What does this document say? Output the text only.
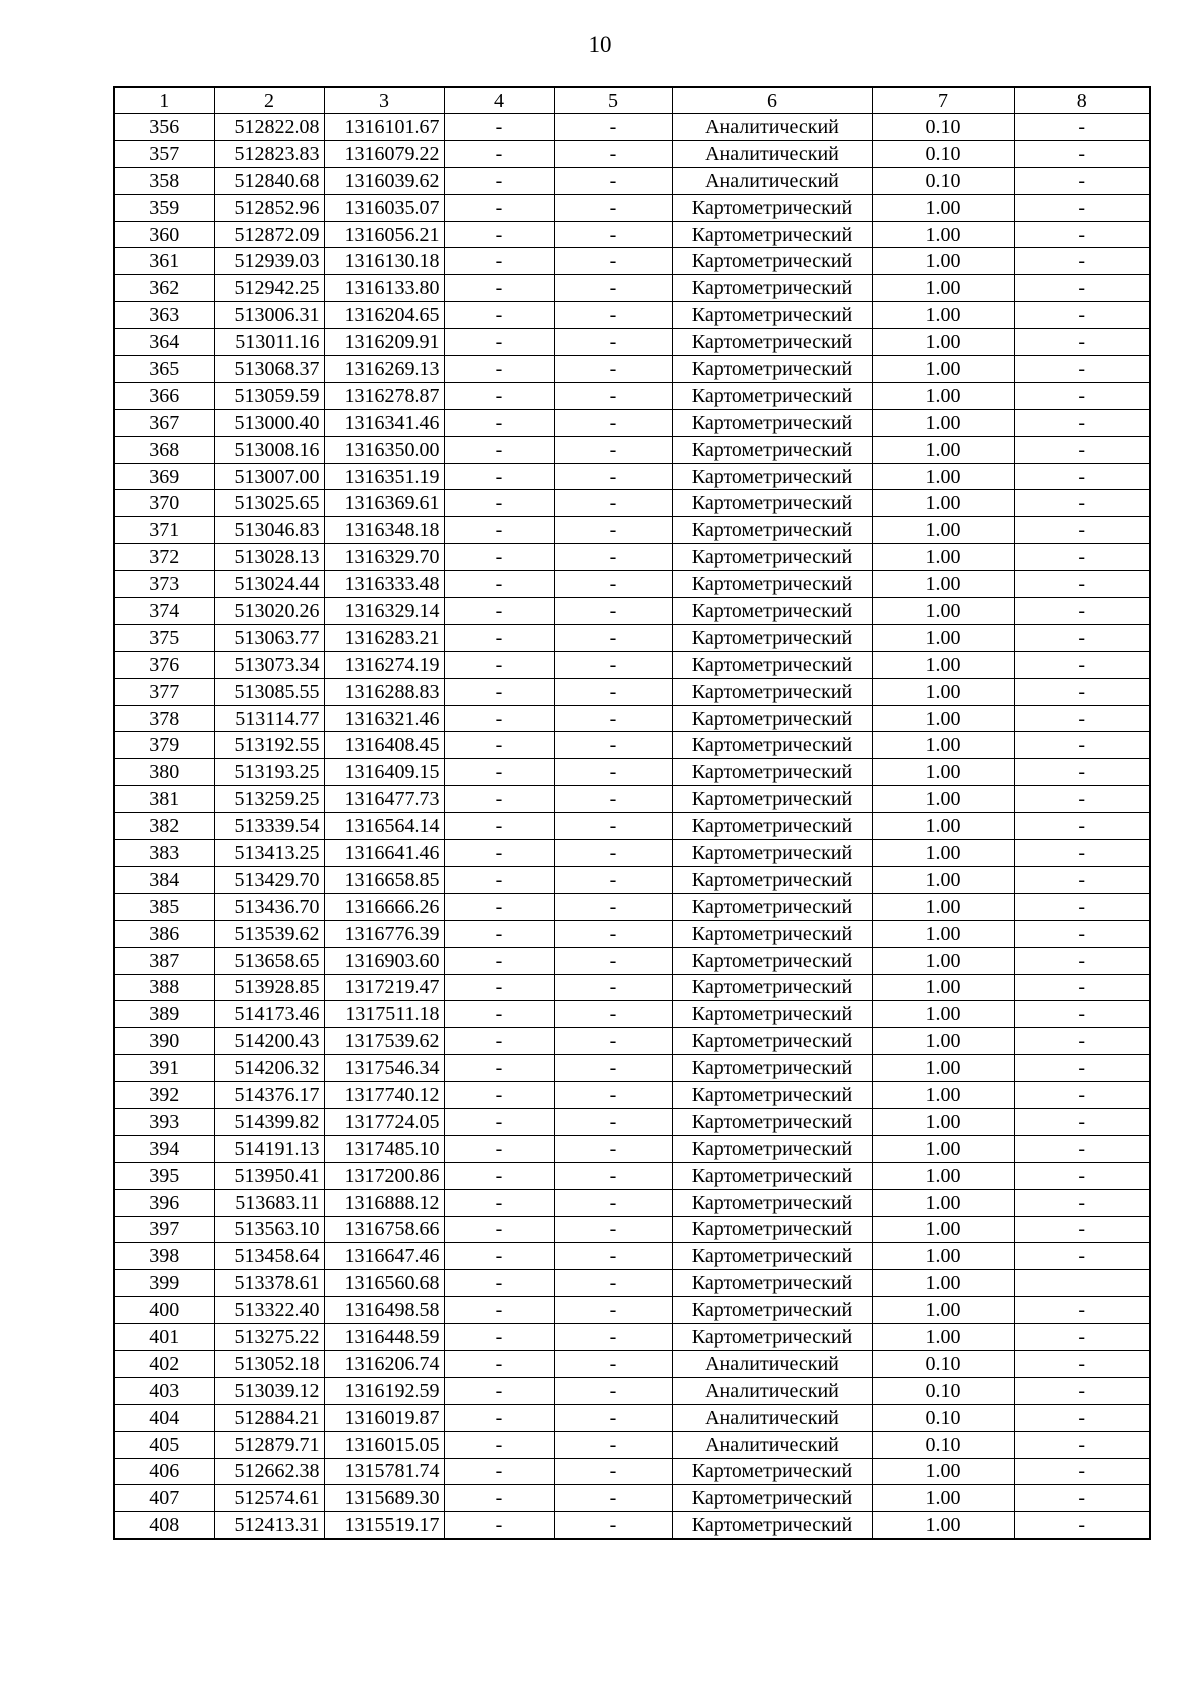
10
1	2	3	4	5	6	7	8
356	512822.08	1316101.67	-	-	Аналитический	0.10	-
357	512823.83	1316079.22	-	-	Аналитический	0.10	-
358	512840.68	1316039.62	-	-	Аналитический	0.10	-
359	512852.96	1316035.07	-	-	Картометрический	1.00	-
360	512872.09	1316056.21	-	-	Картометрический	1.00	-
361	512939.03	1316130.18	-	-	Картометрический	1.00	-
362	512942.25	1316133.80	-	-	Картометрический	1.00	-
363	513006.31	1316204.65	-	-	Картометрический	1.00	-
364	513011.16	1316209.91	-	-	Картометрический	1.00	-
365	513068.37	1316269.13	-	-	Картометрический	1.00	-
366	513059.59	1316278.87	-	-	Картометрический	1.00	-
367	513000.40	1316341.46	-	-	Картометрический	1.00	-
368	513008.16	1316350.00	-	-	Картометрический	1.00	-
369	513007.00	1316351.19	-	-	Картометрический	1.00	-
370	513025.65	1316369.61	-	-	Картометрический	1.00	-
371	513046.83	1316348.18	-	-	Картометрический	1.00	-
372	513028.13	1316329.70	-	-	Картометрический	1.00	-
373	513024.44	1316333.48	-	-	Картометрический	1.00	-
374	513020.26	1316329.14	-	-	Картометрический	1.00	-
375	513063.77	1316283.21	-	-	Картометрический	1.00	-
376	513073.34	1316274.19	-	-	Картометрический	1.00	-
377	513085.55	1316288.83	-	-	Картометрический	1.00	-
378	513114.77	1316321.46	-	-	Картометрический	1.00	-
379	513192.55	1316408.45	-	-	Картометрический	1.00	-
380	513193.25	1316409.15	-	-	Картометрический	1.00	-
381	513259.25	1316477.73	-	-	Картометрический	1.00	-
382	513339.54	1316564.14	-	-	Картометрический	1.00	-
383	513413.25	1316641.46	-	-	Картометрический	1.00	-
384	513429.70	1316658.85	-	-	Картометрический	1.00	-
385	513436.70	1316666.26	-	-	Картометрический	1.00	-
386	513539.62	1316776.39	-	-	Картометрический	1.00	-
387	513658.65	1316903.60	-	-	Картометрический	1.00	-
388	513928.85	1317219.47	-	-	Картометрический	1.00	-
389	514173.46	1317511.18	-	-	Картометрический	1.00	-
390	514200.43	1317539.62	-	-	Картометрический	1.00	-
391	514206.32	1317546.34	-	-	Картометрический	1.00	-
392	514376.17	1317740.12	-	-	Картометрический	1.00	-
393	514399.82	1317724.05	-	-	Картометрический	1.00	-
394	514191.13	1317485.10	-	-	Картометрический	1.00	-
395	513950.41	1317200.86	-	-	Картометрический	1.00	-
396	513683.11	1316888.12	-	-	Картометрический	1.00	-
397	513563.10	1316758.66	-	-	Картометрический	1.00	-
398	513458.64	1316647.46	-	-	Картометрический	1.00	-
399	513378.61	1316560.68	-	-	Картометрический	1.00	
400	513322.40	1316498.58	-	-	Картометрический	1.00	-
401	513275.22	1316448.59	-	-	Картометрический	1.00	-
402	513052.18	1316206.74	-	-	Аналитический	0.10	-
403	513039.12	1316192.59	-	-	Аналитический	0.10	-
404	512884.21	1316019.87	-	-	Аналитический	0.10	-
405	512879.71	1316015.05	-	-	Аналитический	0.10	-
406	512662.38	1315781.74	-	-	Картометрический	1.00	-
407	512574.61	1315689.30	-	-	Картометрический	1.00	-
408	512413.31	1315519.17	-	-	Картометрический	1.00	-
